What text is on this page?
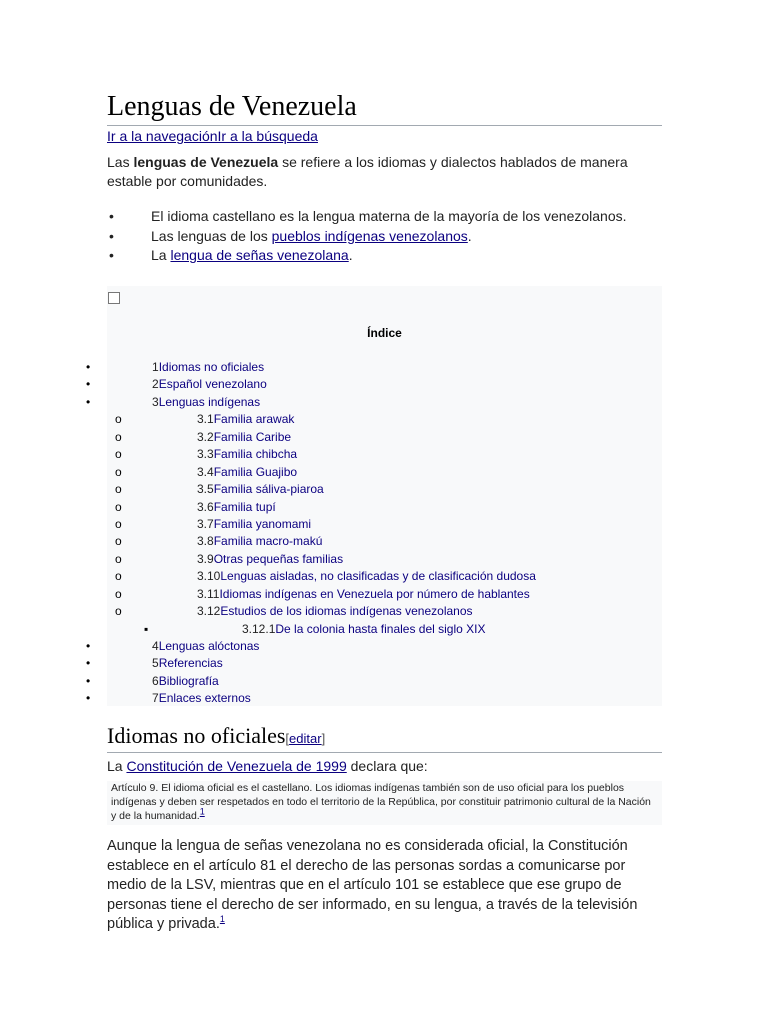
Lenguas de Venezuela
Ir a la navegaciónIr a la búsqueda

Las lenguas de Venezuela se refiere a los idiomas y dialectos hablados de manera estable por comunidades.

•	El idioma castellano es la lengua materna de la mayoría de los venezolanos.
•	Las lenguas de los pueblos indígenas venezolanos.
•	La lengua de señas venezolana.
Índice
•	1Idiomas no oficiales
•	2Español venezolano
•	3Lenguas indígenas
o	3.1Familia arawak
o	3.2Familia Caribe
o	3.3Familia chibcha
o	3.4Familia Guajibo
o	3.5Familia sáliva-piaroa
o	3.6Familia tupí
o	3.7Familia yanomami
o	3.8Familia macro-makú
o	3.9Otras pequeñas familias
o	3.10Lenguas aisladas, no clasificadas y de clasificación dudosa
o	3.11Idiomas indígenas en Venezuela por número de hablantes
o	3.12Estudios de los idiomas indígenas venezolanos
▪	3.12.1De la colonia hasta finales del siglo XIX
•	4Lenguas alóctonas
•	5Referencias
•	6Bibliografía
•	7Enlaces externos
Idiomas no oficiales[editar]
La Constitución de Venezuela de 1999 declara que:
Artículo 9. El idioma oficial es el castellano. Los idiomas indígenas también son de uso oficial para los pueblos indígenas y deben ser respetados en todo el territorio de la República, por constituir patrimonio cultural de la Nación y de la humanidad.$^1$

Aunque la lengua de señas venezolana no es considerada oficial, la Constitución establece en el artículo 81 el derecho de las personas sordas a comunicarse por medio de la LSV, mientras que en el artículo 101 se establece que ese grupo de personas tiene el derecho de ser informado, en su lengua, a través de la televisión pública y privada.$^1$
